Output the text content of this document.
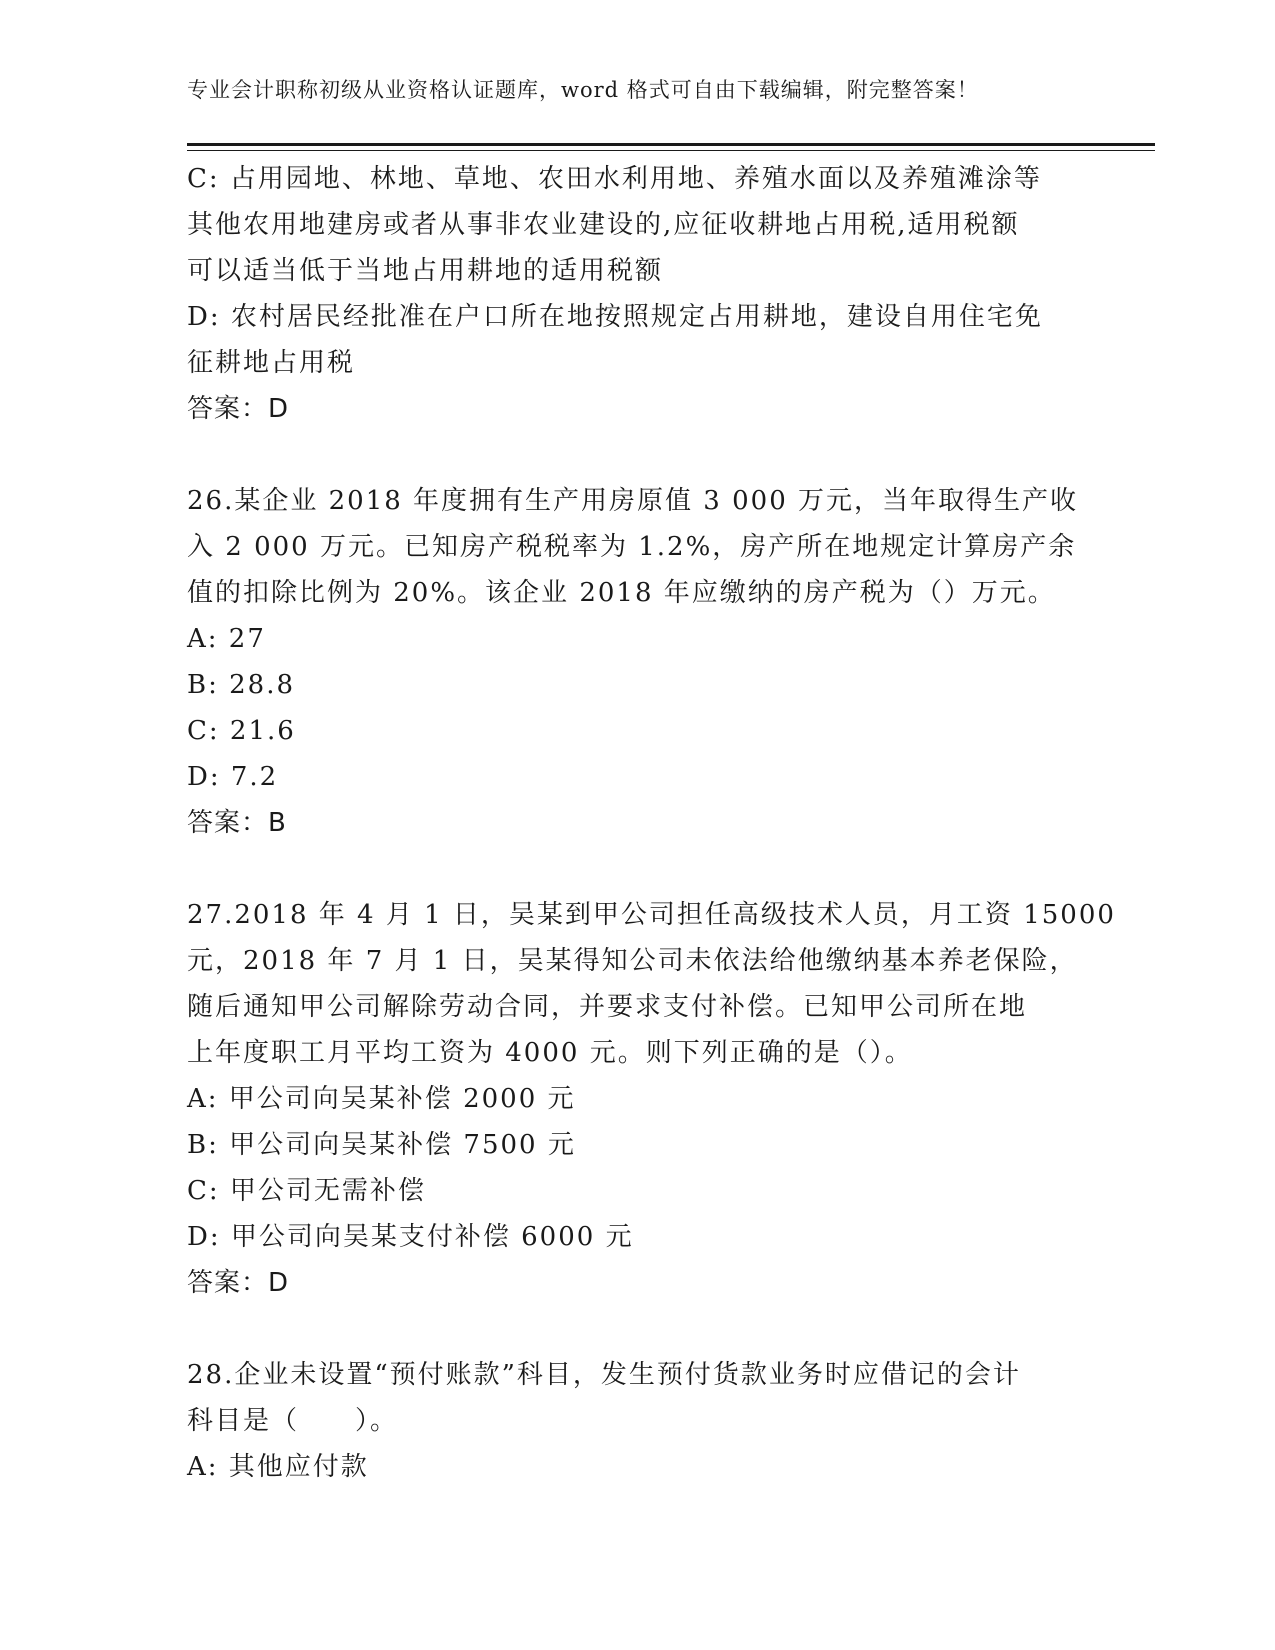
专业会计职称初级从业资格认证题库，word 格式可自由下载编辑，附完整答案！
C: 占用园地、林地、草地、农田水利用地、养殖水面以及养殖滩涂等
其他农用地建房或者从事非农业建设的,应征收耕地占用税,适用税额
可以适当低于当地占用耕地的适用税额
D: 农村居民经批准在户口所在地按照规定占用耕地，建设自用住宅免
征耕地占用税
答案：D
26.某企业 2018 年度拥有生产用房原值 3 000 万元，当年取得生产收
入 2 000 万元。已知房产税税率为 1.2%，房产所在地规定计算房产余
值的扣除比例为 20%。该企业 2018 年应缴纳的房产税为（）万元。
A: 27
B: 28.8
C: 21.6
D: 7.2
答案：B
27.2018 年 4 月 1 日，吴某到甲公司担任高级技术人员，月工资 15000
元，2018 年 7 月 1 日，吴某得知公司未依法给他缴纳基本养老保险，
随后通知甲公司解除劳动合同，并要求支付补偿。已知甲公司所在地
上年度职工月平均工资为 4000 元。则下列正确的是（）。
A: 甲公司向吴某补偿 2000 元
B: 甲公司向吴某补偿 7500 元
C: 甲公司无需补偿
D: 甲公司向吴某支付补偿 6000 元
答案：D
28.企业未设置“预付账款”科目，发生预付货款业务时应借记的会计
科目是（　　）。
A: 其他应付款
